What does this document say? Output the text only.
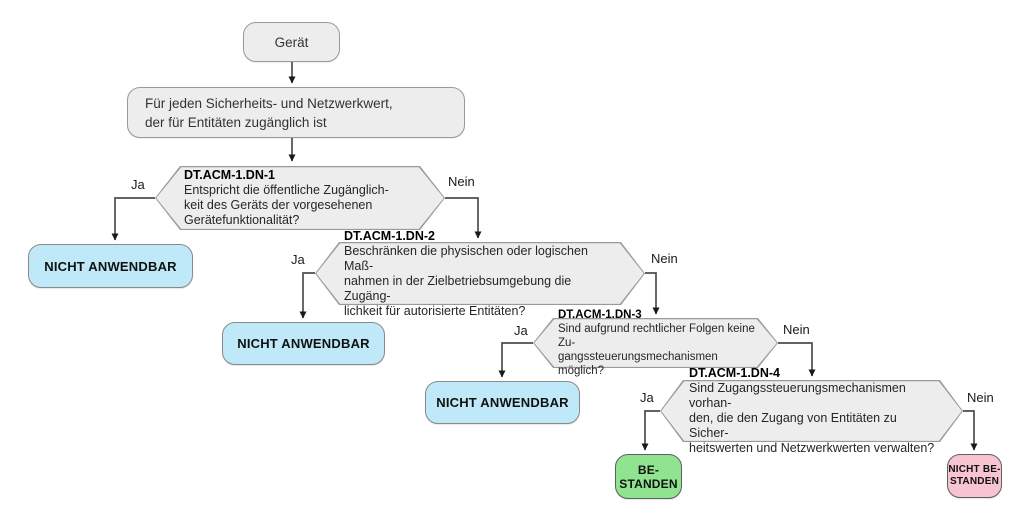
Gerät
Für jeden Sicherheits- und Netzwerkwert,
der für Entitäten zugänglich ist
DT.ACM-1.DN-1
Entspricht die öffentliche Zugänglich-
keit des Geräts der vorgesehenen
Gerätefunktionalität?
DT.ACM-1.DN-2
Beschränken die physischen oder logischen Maß-
nahmen in der Zielbetriebsumgebung die Zugäng-
lichkeit für autorisierte Entitäten?	DT.ACM-1.DN-3
Sind aufgrund rechtlicher Folgen keine Zu-
gangssteuerungsmechanismen möglich?	DT.ACM-1.DN-4
Sind Zugangssteuerungsmechanismen vorhan-
den, die den Zugang von Entitäten zu Sicher-
heitswerten und Netzwerkwerten verwalten?
NICHT ANWENDBAR
NICHT ANWENDBAR
NICHT ANWENDBAR
BE-
STANDEN
NICHT BE-
STANDEN
Ja	Nein
Ja	Nein
Ja	Nein
Ja	Nein
